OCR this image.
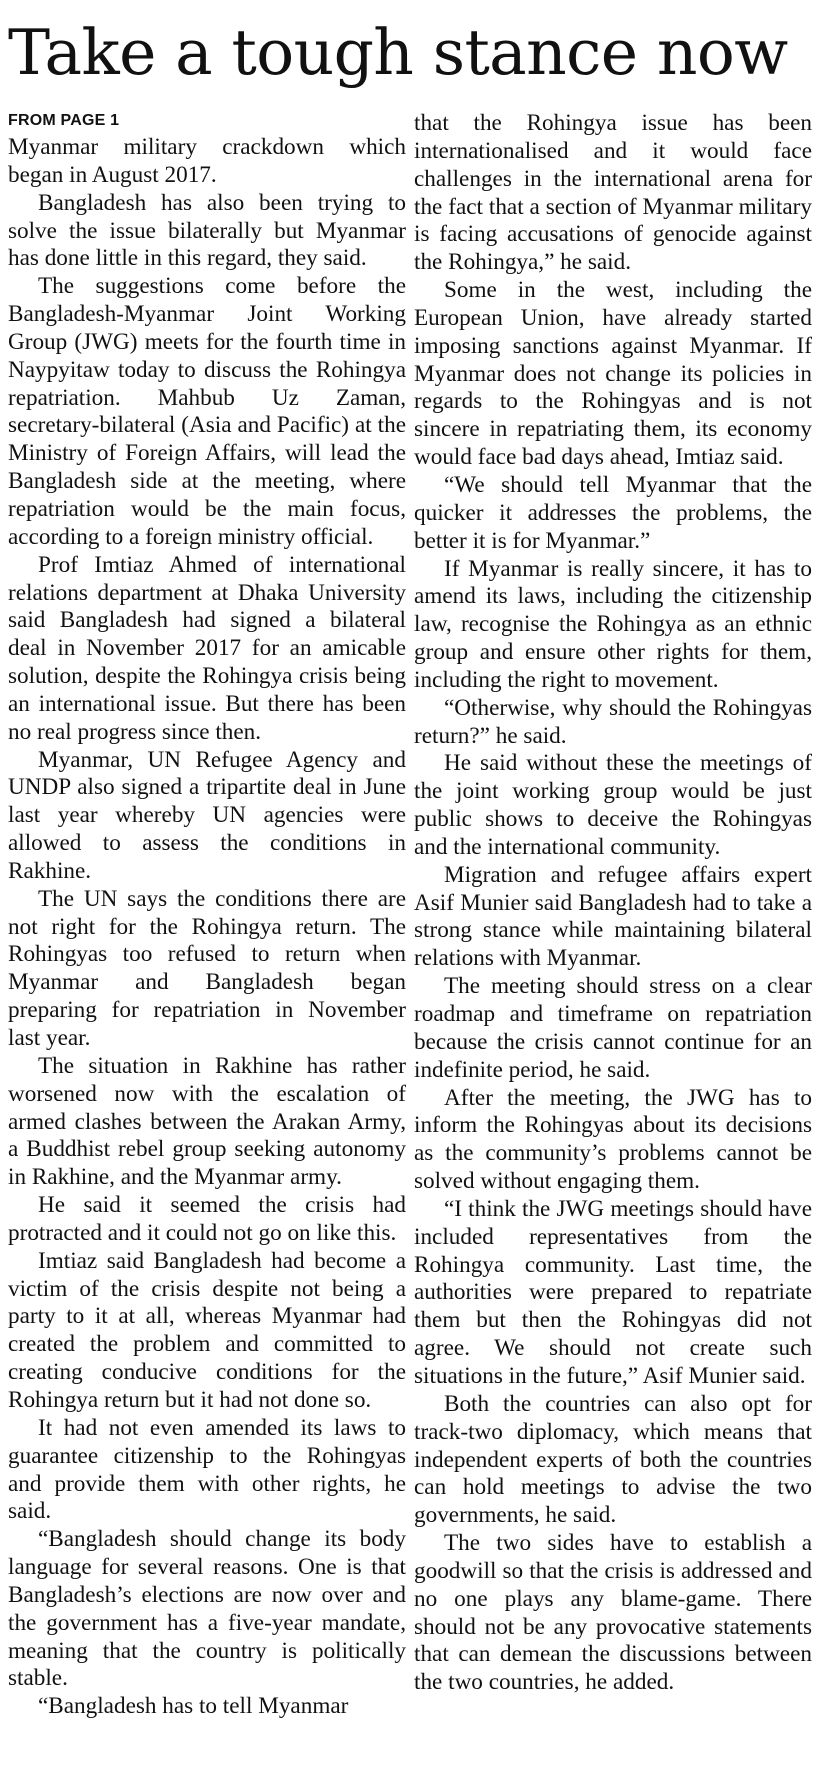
Take a tough stance now
FROM PAGE 1

Myanmar military crackdown which began in August 2017.

Bangladesh has also been trying to solve the issue bilaterally but Myanmar has done little in this regard, they said.

The suggestions come before the Bangladesh-Myanmar Joint Working Group (JWG) meets for the fourth time in Naypyitaw today to discuss the Rohingya repatriation. Mahbub Uz Zaman, secretary-bilateral (Asia and Pacific) at the Ministry of Foreign Affairs, will lead the Bangladesh side at the meeting, where repatriation would be the main focus, according to a foreign ministry official.

Prof Imtiaz Ahmed of international relations department at Dhaka University said Bangladesh had signed a bilateral deal in November 2017 for an amicable solution, despite the Rohingya crisis being an international issue. But there has been no real progress since then.

Myanmar, UN Refugee Agency and UNDP also signed a tripartite deal in June last year whereby UN agencies were allowed to assess the conditions in Rakhine.

The UN says the conditions there are not right for the Rohingya return. The Rohingyas too refused to return when Myanmar and Bangladesh began preparing for repatriation in November last year.

The situation in Rakhine has rather worsened now with the escalation of armed clashes between the Arakan Army, a Buddhist rebel group seeking autonomy in Rakhine, and the Myanmar army.

He said it seemed the crisis had protracted and it could not go on like this.

Imtiaz said Bangladesh had become a victim of the crisis despite not being a party to it at all, whereas Myanmar had created the problem and committed to creating conducive conditions for the Rohingya return but it had not done so.

It had not even amended its laws to guarantee citizenship to the Rohingyas and provide them with other rights, he said.

“Bangladesh should change its body language for several reasons. One is that Bangladesh’s elections are now over and the government has a five-year mandate, meaning that the country is politically stable.

“Bangladesh has to tell Myanmar

that the Rohingya issue has been internationalised and it would face challenges in the international arena for the fact that a section of Myanmar military is facing accusations of genocide against the Rohingya,” he said.

Some in the west, including the European Union, have already started imposing sanctions against Myanmar. If Myanmar does not change its policies in regards to the Rohingyas and is not sincere in repatriating them, its economy would face bad days ahead, Imtiaz said.

“We should tell Myanmar that the quicker it addresses the problems, the better it is for Myanmar.”

If Myanmar is really sincere, it has to amend its laws, including the citizenship law, recognise the Rohingya as an ethnic group and ensure other rights for them, including the right to movement.

“Otherwise, why should the Rohingyas return?” he said.

He said without these the meetings of the joint working group would be just public shows to deceive the Rohingyas and the international community.

Migration and refugee affairs expert Asif Munier said Bangladesh had to take a strong stance while maintaining bilateral relations with Myanmar.

The meeting should stress on a clear roadmap and timeframe on repatriation because the crisis cannot continue for an indefinite period, he said.

After the meeting, the JWG has to inform the Rohingyas about its decisions as the community’s problems cannot be solved without engaging them.

“I think the JWG meetings should have included representatives from the Rohingya community. Last time, the authorities were prepared to repatriate them but then the Rohingyas did not agree. We should not create such situations in the future,” Asif Munier said.

Both the countries can also opt for track-two diplomacy, which means that independent experts of both the countries can hold meetings to advise the two governments, he said.

The two sides have to establish a goodwill so that the crisis is addressed and no one plays any blame-game. There should not be any provocative statements that can demean the discussions between the two countries, he added.
